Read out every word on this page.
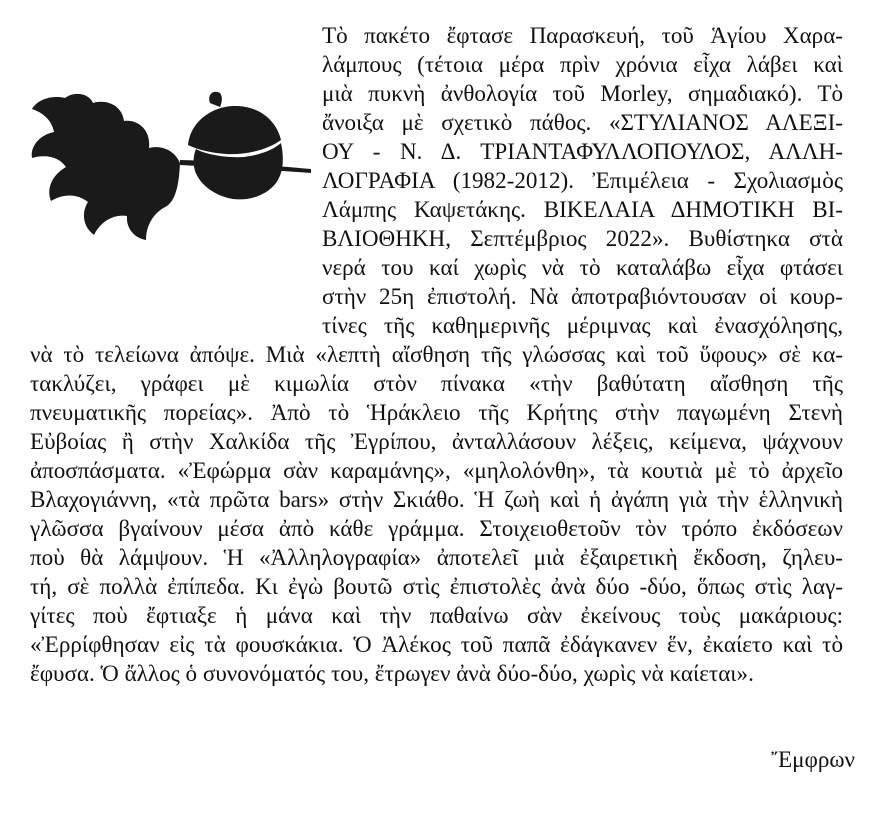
Τὸ πακέτο ἔφτασε Παρασκευή, τοῦ Ἁγίου Χαρα-
λάμπους (τέτοια μέρα πρὶν χρόνια εἶχα λάβει καὶ
μιὰ πυκνὴ ἀνθολογία τοῦ Morley, σημαδιακό). Τὸ
ἄνοιξα μὲ σχετικὸ πάθος. «ΣΤΥΛΙΑΝΟΣ ΑΛΕΞΙ-
ΟΥ - Ν. Δ. ΤΡΙΑΝΤΑΦΥΛΛΟΠΟΥΛΟΣ, ΑΛΛΗ-
ΛΟΓΡΑΦΙΑ (1982-2012). Ἐπιμέλεια - Σχολιασμὸς
Λάμπης Καψετάκης. ΒΙΚΕΛΑΙΑ ΔΗΜΟΤΙΚΗ ΒΙ-
ΒΛΙΟΘΗΚΗ, Σεπτέμβριος 2022». Βυθίστηκα στὰ
νερά του καί χωρὶς νὰ τὸ καταλάβω εἶχα φτάσει
στὴν 25η ἐπιστολή. Νὰ ἀποτραβιόντουσαν οἱ κουρ-
τίνες τῆς καθημερινῆς μέριμνας καὶ ἐνασχόλησης,
νὰ τὸ τελείωνα ἀπόψε. Μιὰ «λεπτὴ αἴσθηση τῆς γλώσσας καὶ τοῦ ὕφους» σὲ κα-
τακλύζει, γράφει μὲ κιμωλία στὸν πίνακα «τὴν βαθύτατη αἴσθηση τῆς
πνευματικῆς πορείας». Ἀπὸ τὸ Ἡράκλειο τῆς Κρήτης στὴν παγωμένη Στενὴ
Εὐβοίας ἢ στὴν Χαλκίδα τῆς Ἐγρίπου, ἀνταλλάσουν λέξεις, κείμενα, ψάχνουν
ἀποσπάσματα. «Ἐφώρμα σὰν καραμάνης», «μηλολόνθη», τὰ κουτιὰ μὲ τὸ ἀρχεῖο
Βλαχογιάννη, «τὰ πρῶτα bars» στὴν Σκιάθο. Ἡ ζωὴ καὶ ἡ ἀγάπη γιὰ τὴν ἑλληνικὴ
γλῶσσα βγαίνουν μέσα ἀπὸ κάθε γράμμα. Στοιχειοθετοῦν τὸν τρόπο ἐκδόσεων
ποὺ θὰ λάμψουν. Ἡ «Ἀλληλογραφία» ἀποτελεῖ μιὰ ἐξαιρετικὴ ἔκδοση, ζηλευ-
τή, σὲ πολλὰ ἐπίπεδα. Κι ἐγὼ βουτῶ στὶς ἐπιστολὲς ἀνὰ δύο -δύο, ὅπως στὶς λαγ-
γίτες ποὺ ἔφτιαξε ἡ μάνα καὶ τὴν παθαίνω σὰν ἐκείνους τοὺς μακάριους:
«Ἐρρίφθησαν εἰς τὰ φουσκάκια. Ὁ Ἀλέκος τοῦ παπᾶ ἐδάγκανεν ἕν, ἐκαίετο καὶ τὸ
ἔφυσα. Ὁ ἄλλος ὁ συνονόματός του, ἔτρωγεν ἀνὰ δύο-δύο, χωρὶς νὰ καίεται».
Ἔμφρων
